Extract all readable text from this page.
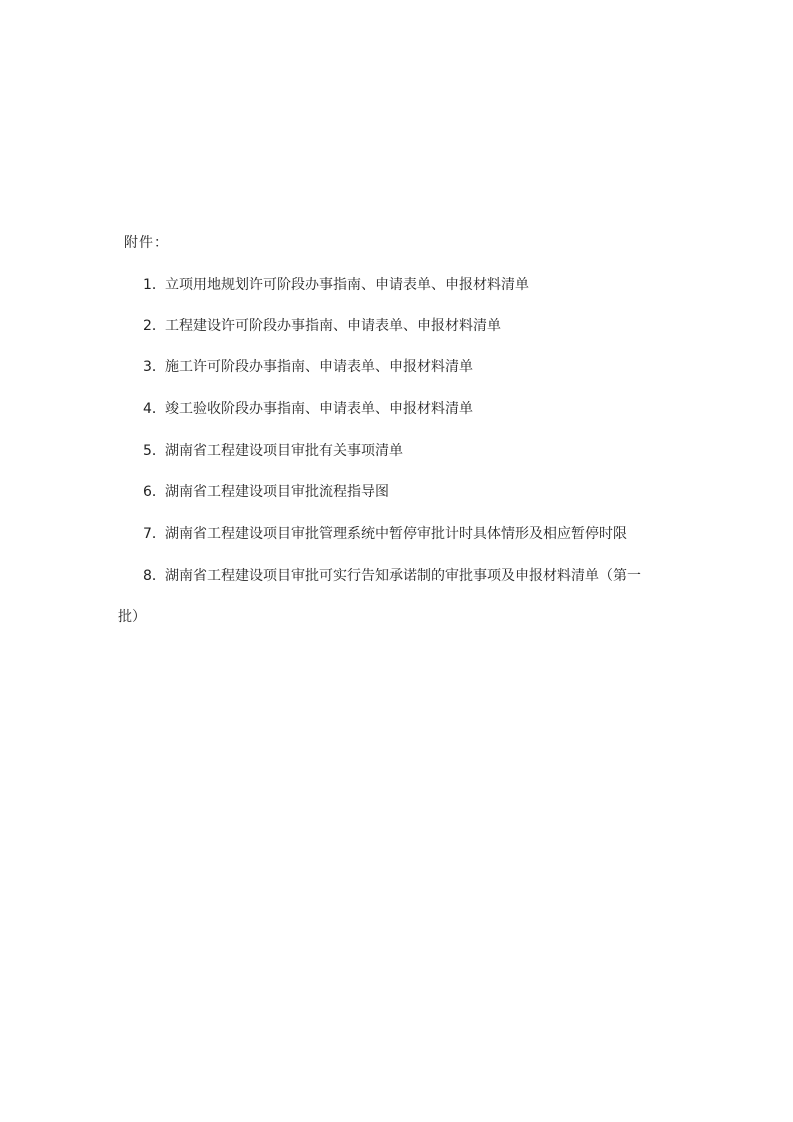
附件：
1．立项用地规划许可阶段办事指南、申请表单、申报材料清单
2．工程建设许可阶段办事指南、申请表单、申报材料清单
3．施工许可阶段办事指南、申请表单、申报材料清单
4．竣工验收阶段办事指南、申请表单、申报材料清单
5．湖南省工程建设项目审批有关事项清单
6．湖南省工程建设项目审批流程指导图
7．湖南省工程建设项目审批管理系统中暂停审批计时具体情形及相应暂停时限
8．湖南省工程建设项目审批可实行告知承诺制的审批事项及申报材料清单（第一
批）
